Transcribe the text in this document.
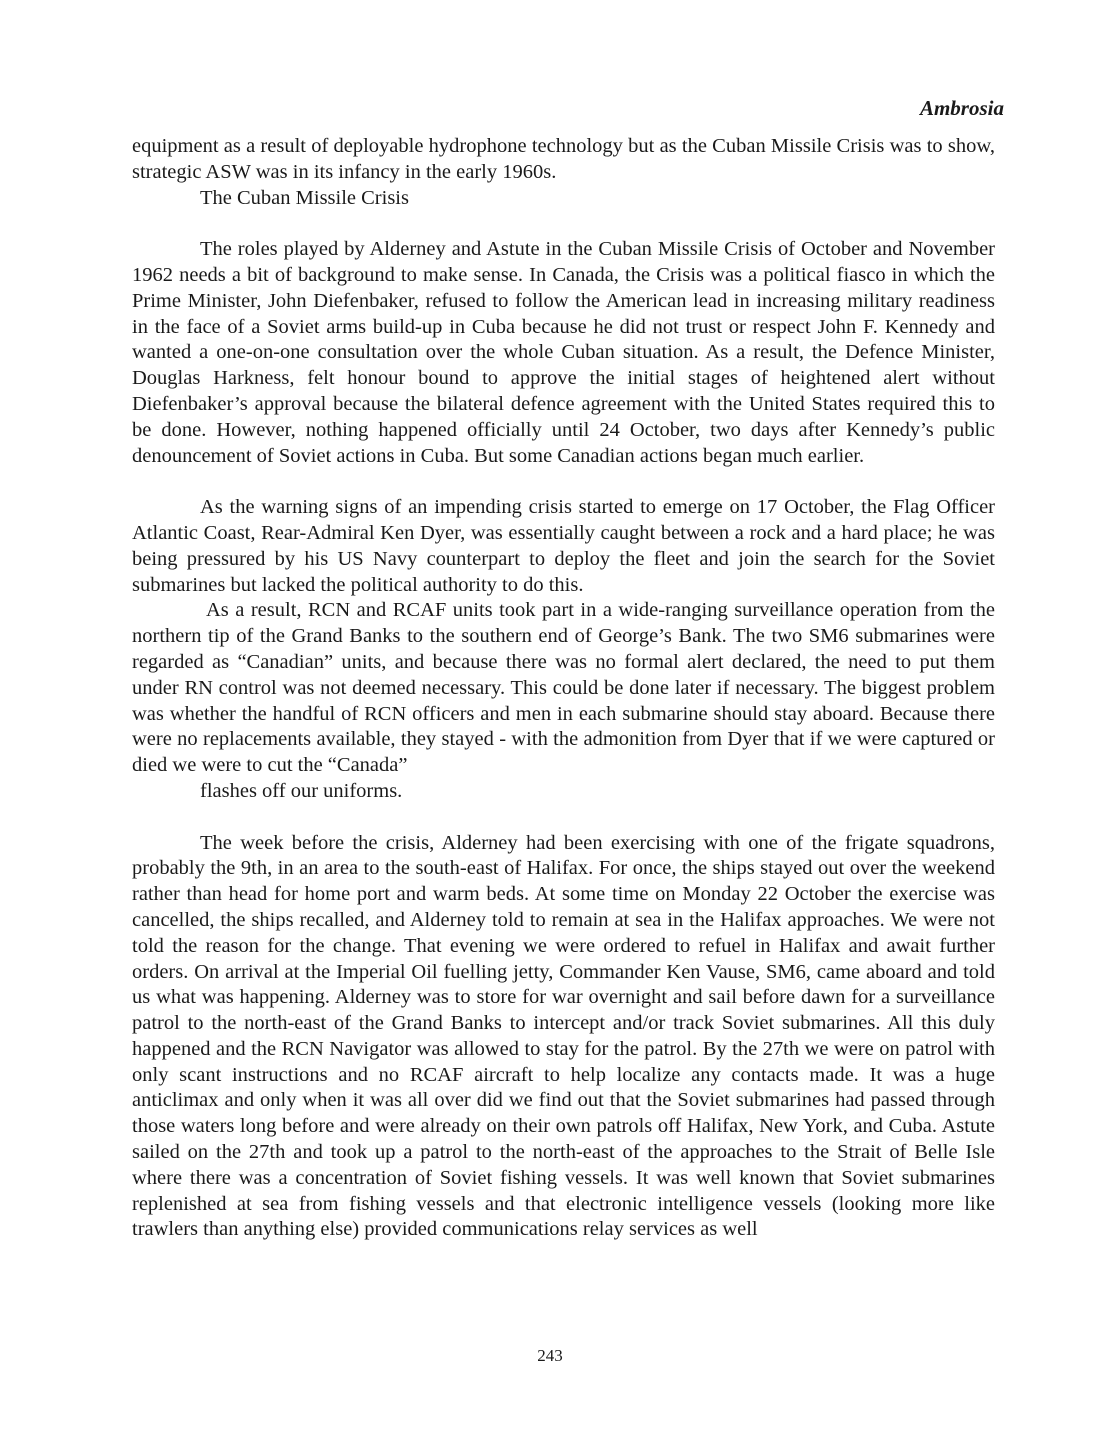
Ambrosia

equipment as a result of deployable hydrophone technology but as the Cuban Missile Crisis was to show, strategic ASW was in its infancy in the early 1960s.

The Cuban Missile Crisis

The roles played by Alderney and Astute in the Cuban Missile Crisis of October and November 1962 needs a bit of background to make sense. In Canada, the Crisis was a political fiasco in which the Prime Minister, John Diefenbaker, refused to follow the American lead in increasing military readiness in the face of a Soviet arms build-up in Cuba because he did not trust or respect John F. Kennedy and wanted a one-on-one consultation over the whole Cuban situation. As a result, the Defence Minister, Douglas Harkness, felt honour bound to approve the initial stages of heightened alert without Diefenbaker’s approval because the bilateral defence agreement with the United States required this to be done. However, nothing happened officially until 24 October, two days after Kennedy’s public denouncement of Soviet actions in Cuba. But some Canadian actions began much earlier.

As the warning signs of an impending crisis started to emerge on 17 October, the Flag Officer Atlantic Coast, Rear-Admiral Ken Dyer, was essentially caught between a rock and a hard place; he was being pressured by his US Navy counterpart to deploy the fleet and join the search for the Soviet submarines but lacked the political authority to do this.

As a result, RCN and RCAF units took part in a wide-ranging surveillance operation from the northern tip of the Grand Banks to the southern end of George’s Bank. The two SM6 submarines were regarded as “Canadian” units, and because there was no formal alert declared, the need to put them under RN control was not deemed necessary. This could be done later if necessary. The biggest problem was whether the handful of RCN officers and men in each submarine should stay aboard. Because there were no replacements available, they stayed - with the admonition from Dyer that if we were captured or died we were to cut the “Canada”

flashes off our uniforms.

The week before the crisis, Alderney had been exercising with one of the frigate squadrons, probably the 9th, in an area to the south-east of Halifax. For once, the ships stayed out over the weekend rather than head for home port and warm beds. At some time on Monday 22 October the exercise was cancelled, the ships recalled, and Alderney told to remain at sea in the Halifax approaches. We were not told the reason for the change. That evening we were ordered to refuel in Halifax and await further orders. On arrival at the Imperial Oil fuelling jetty, Commander Ken Vause, SM6, came aboard and told us what was happening. Alderney was to store for war overnight and sail before dawn for a surveillance patrol to the north-east of the Grand Banks to intercept and/or track Soviet submarines. All this duly happened and the RCN Navigator was allowed to stay for the patrol. By the 27th we were on patrol with only scant instructions and no RCAF aircraft to help localize any contacts made. It was a huge anticlimax and only when it was all over did we find out that the Soviet submarines had passed through those waters long before and were already on their own patrols off Halifax, New York, and Cuba. Astute sailed on the 27th and took up a patrol to the north-east of the approaches to the Strait of Belle Isle where there was a concentration of Soviet fishing vessels. It was well known that Soviet submarines replenished at sea from fishing vessels and that electronic intelligence vessels (looking more like trawlers than anything else) provided communications relay services as well

243
